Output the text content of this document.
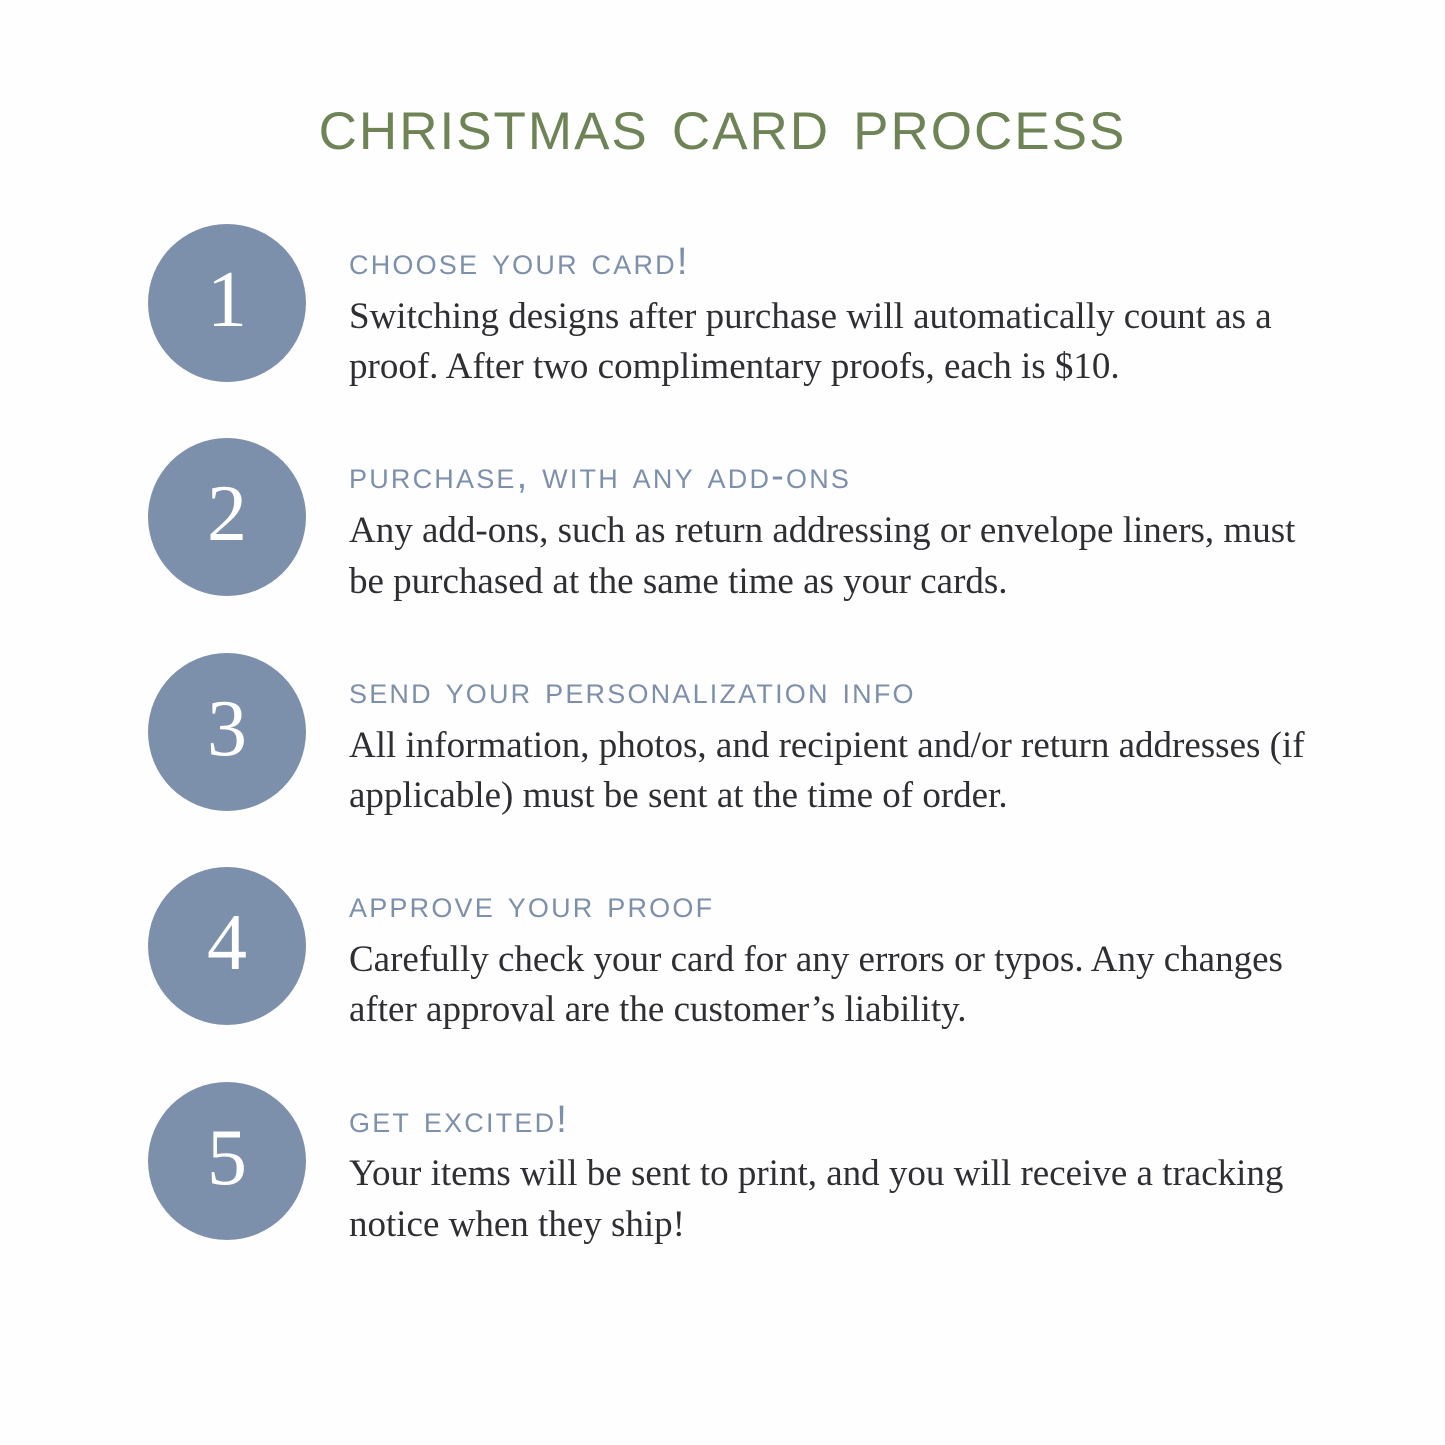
christmas card process
1	choose your card!

Switching designs after purchase will automatically count as a proof. After two complimentary proofs, each is $10.

2	purchase, with any add-ons

Any add-ons, such as return addressing or envelope liners, must be purchased at the same time as your cards.

3	send your personalization info

All information, photos, and recipient and/or return addresses (if applicable) must be sent at the time of order.

4	approve your proof

Carefully check your card for any errors or typos. Any changes after approval are the customer’s liability.

5	get excited!

Your items will be sent to print, and you will receive a tracking notice when they ship!
